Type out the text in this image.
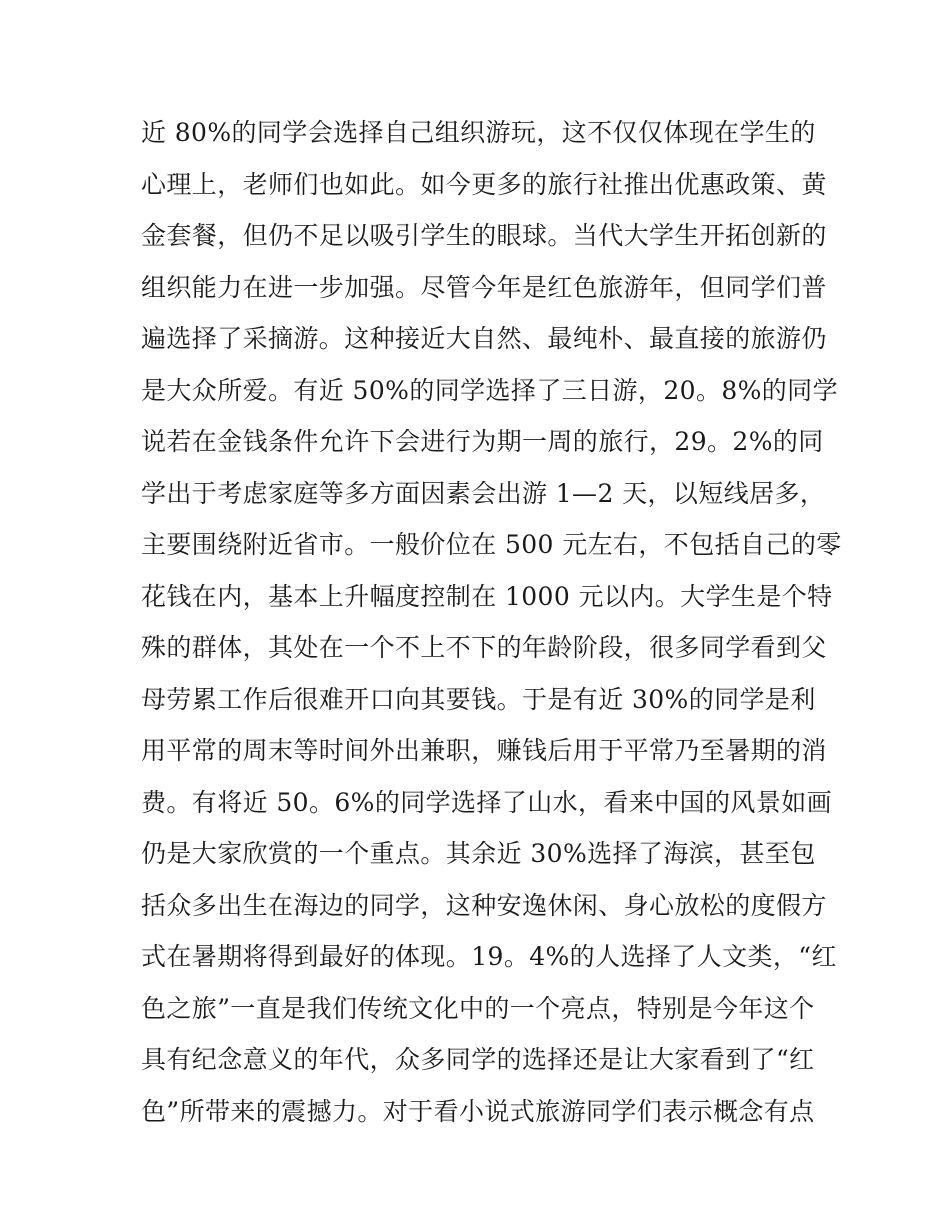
近 80%的同学会选择自己组织游玩，这不仅仅体现在学生的
心理上，老师们也如此。如今更多的旅行社推出优惠政策、黄
金套餐，但仍不足以吸引学生的眼球。当代大学生开拓创新的
组织能力在进一步加强。尽管今年是红色旅游年，但同学们普
遍选择了采摘游。这种接近大自然、最纯朴、最直接的旅游仍
是大众所爱。有近 50%的同学选择了三日游，20。8%的同学
说若在金钱条件允许下会进行为期一周的旅行，29。2%的同
学出于考虑家庭等多方面因素会出游 1—2 天，以短线居多，
主要围绕附近省市。一般价位在 500 元左右，不包括自己的零
花钱在内，基本上升幅度控制在 1000 元以内。大学生是个特
殊的群体，其处在一个不上不下的年龄阶段，很多同学看到父
母劳累工作后很难开口向其要钱。于是有近 30%的同学是利
用平常的周末等时间外出兼职，赚钱后用于平常乃至暑期的消
费。有将近 50。6%的同学选择了山水，看来中国的风景如画
仍是大家欣赏的一个重点。其余近 30%选择了海滨，甚至包
括众多出生在海边的同学，这种安逸休闲、身心放松的度假方
式在暑期将得到最好的体现。19。4%的人选择了人文类，“红
色之旅”一直是我们传统文化中的一个亮点，特别是今年这个
具有纪念意义的年代，众多同学的选择还是让大家看到了“红
色”所带来的震撼力。对于看小说式旅游同学们表示概念有点
